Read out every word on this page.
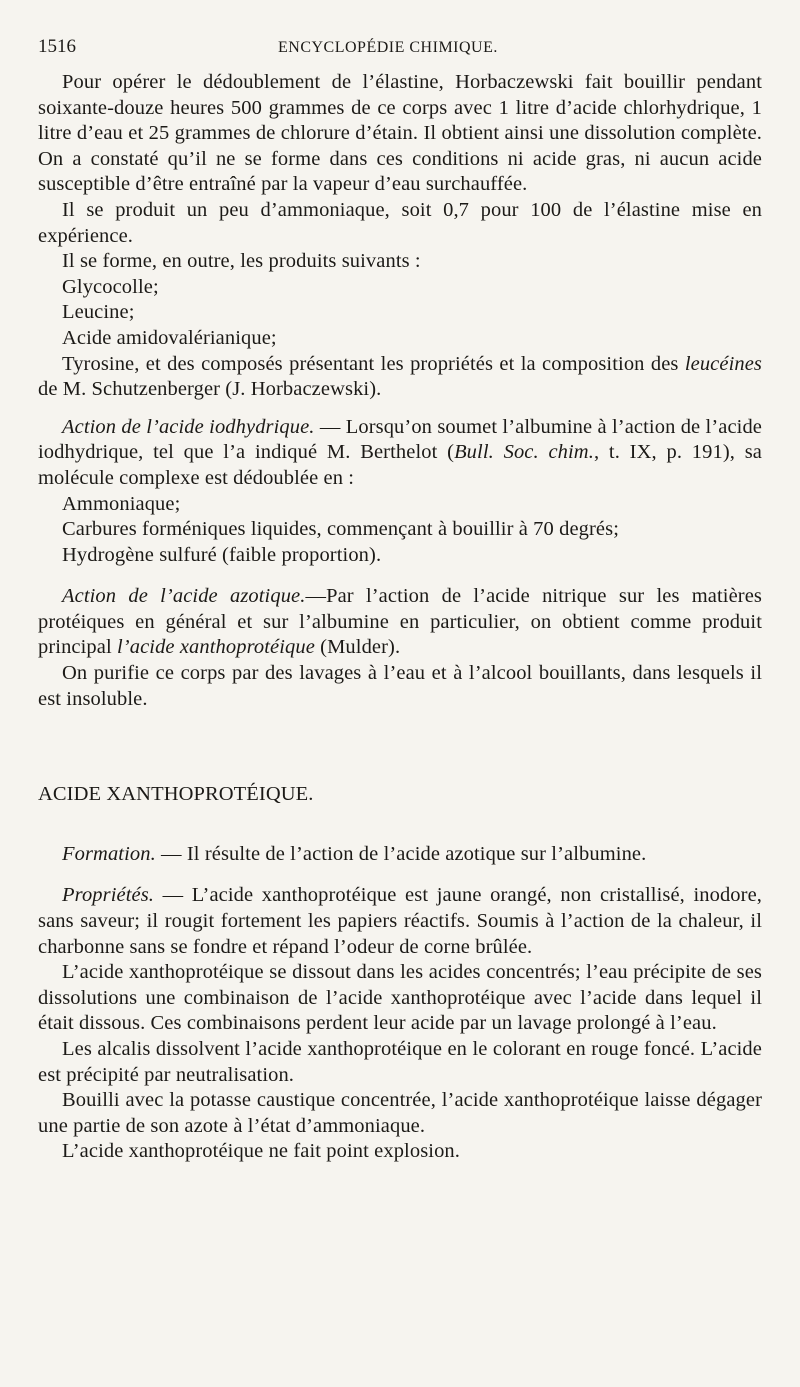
1516	ENCYCLOPÉDIE CHIMIQUE.

Pour opérer le dédoublement de l’élastine, Horbaczewski fait bouillir pendant soixante-douze heures 500 grammes de ce corps avec 1 litre d’acide chlorhydrique, 1 litre d’eau et 25 grammes de chlorure d’étain. Il obtient ainsi une dissolution complète. On a constaté qu’il ne se forme dans ces conditions ni acide gras, ni aucun acide susceptible d’être entraîné par la vapeur d’eau surchauffée.

Il se produit un peu d’ammoniaque, soit 0,7 pour 100 de l’élastine mise en expérience.

Il se forme, en outre, les produits suivants :

Glycocolle;

Leucine;

Acide amidovalérianique;

Tyrosine, et des composés présentant les propriétés et la composition des leucéines de M. Schutzenberger (J. Horbaczewski).

Action de l’acide iodhydrique. — Lorsqu’on soumet l’albumine à l’action de l’acide iodhydrique, tel que l’a indiqué M. Berthelot (Bull. Soc. chim., t. IX, p. 191), sa molécule complexe est dédoublée en :

Ammoniaque;

Carbures forméniques liquides, commençant à bouillir à 70 degrés;

Hydrogène sulfuré (faible proportion).

Action de l’acide azotique.—Par l’action de l’acide nitrique sur les matières protéiques en général et sur l’albumine en particulier, on obtient comme produit principal l’acide xanthoprotéique (Mulder).

On purifie ce corps par des lavages à l’eau et à l’alcool bouillants, dans lesquels il est insoluble.

ACIDE XANTHOPROTÉIQUE.

Formation. — Il résulte de l’action de l’acide azotique sur l’albumine.

Propriétés. — L’acide xanthoprotéique est jaune orangé, non cristallisé, inodore, sans saveur; il rougit fortement les papiers réactifs. Soumis à l’action de la chaleur, il charbonne sans se fondre et répand l’odeur de corne brûlée.

L’acide xanthoprotéique se dissout dans les acides concentrés; l’eau précipite de ses dissolutions une combinaison de l’acide xanthoprotéique avec l’acide dans lequel il était dissous. Ces combinaisons perdent leur acide par un lavage prolongé à l’eau.

Les alcalis dissolvent l’acide xanthoprotéique en le colorant en rouge foncé. L’acide est précipité par neutralisation.

Bouilli avec la potasse caustique concentrée, l’acide xanthoprotéique laisse dégager une partie de son azote à l’état d’ammoniaque.

L’acide xanthoprotéique ne fait point explosion.
